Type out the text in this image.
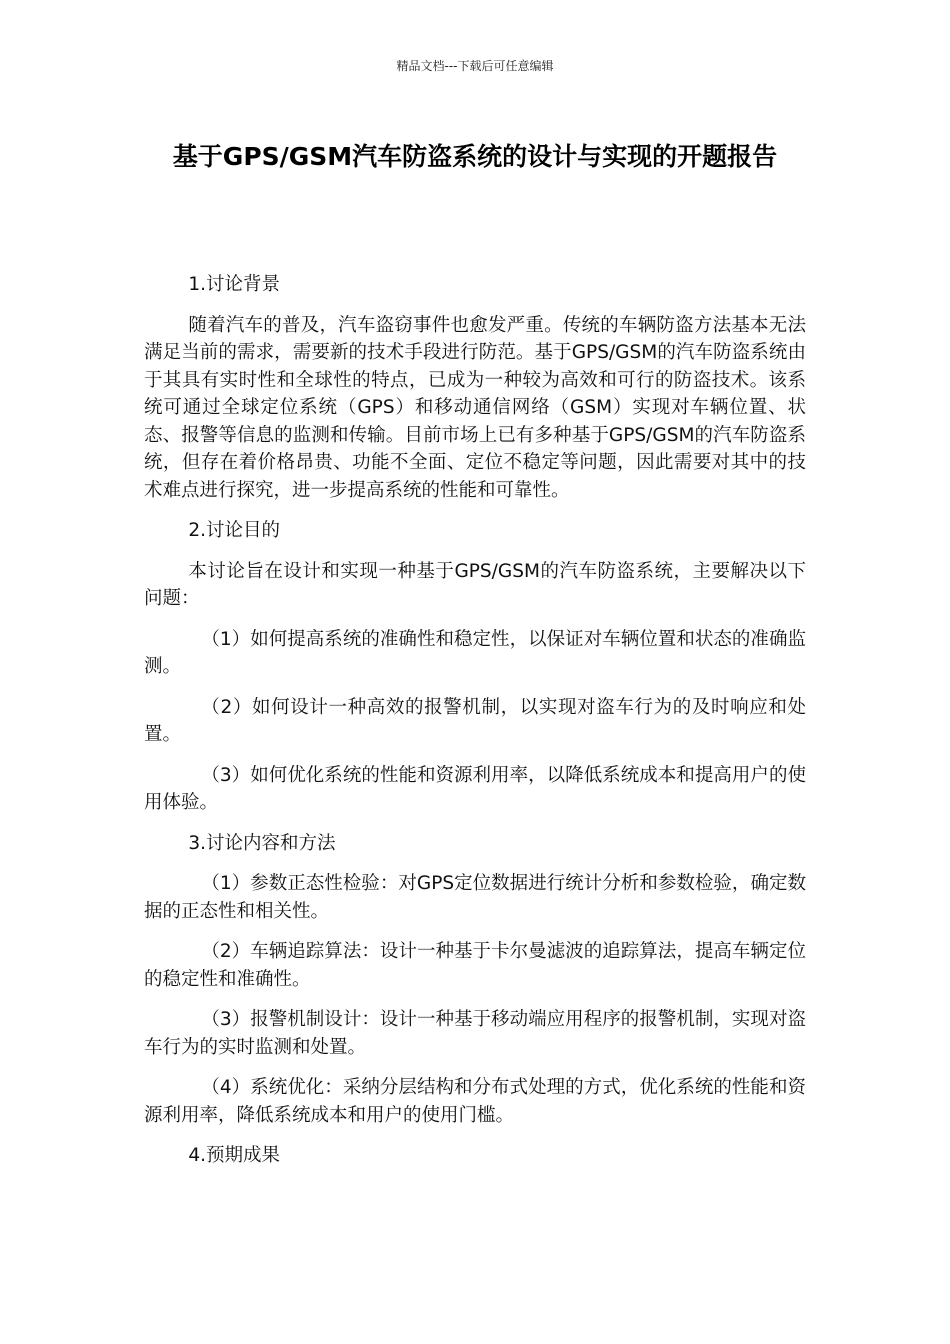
精品文档---下载后可任意编辑
基于GPS/GSM汽车防盗系统的设计与实现的开题报告

1.讨论背景

随着汽车的普及，汽车盗窃事件也愈发严重。传统的车辆防盗方法基本无法满足当前的需求，需要新的技术手段进行防范。基于GPS/GSM的汽车防盗系统由于其具有实时性和全球性的特点，已成为一种较为高效和可行的防盗技术。该系统可通过全球定位系统（GPS）和移动通信网络（GSM）实现对车辆位置、状态、报警等信息的监测和传输。目前市场上已有多种基于GPS/GSM的汽车防盗系统，但存在着价格昂贵、功能不全面、定位不稳定等问题，因此需要对其中的技术难点进行探究，进一步提高系统的性能和可靠性。

2.讨论目的

本讨论旨在设计和实现一种基于GPS/GSM的汽车防盗系统，主要解决以下问题：

（1）如何提高系统的准确性和稳定性，以保证对车辆位置和状态的准确监测。

（2）如何设计一种高效的报警机制，以实现对盗车行为的及时响应和处置。

（3）如何优化系统的性能和资源利用率，以降低系统成本和提高用户的使用体验。

3.讨论内容和方法

（1）参数正态性检验：对GPS定位数据进行统计分析和参数检验，确定数据的正态性和相关性。

（2）车辆追踪算法：设计一种基于卡尔曼滤波的追踪算法，提高车辆定位的稳定性和准确性。

（3）报警机制设计：设计一种基于移动端应用程序的报警机制，实现对盗车行为的实时监测和处置。

（4）系统优化：采纳分层结构和分布式处理的方式，优化系统的性能和资源利用率，降低系统成本和用户的使用门槛。

4.预期成果
